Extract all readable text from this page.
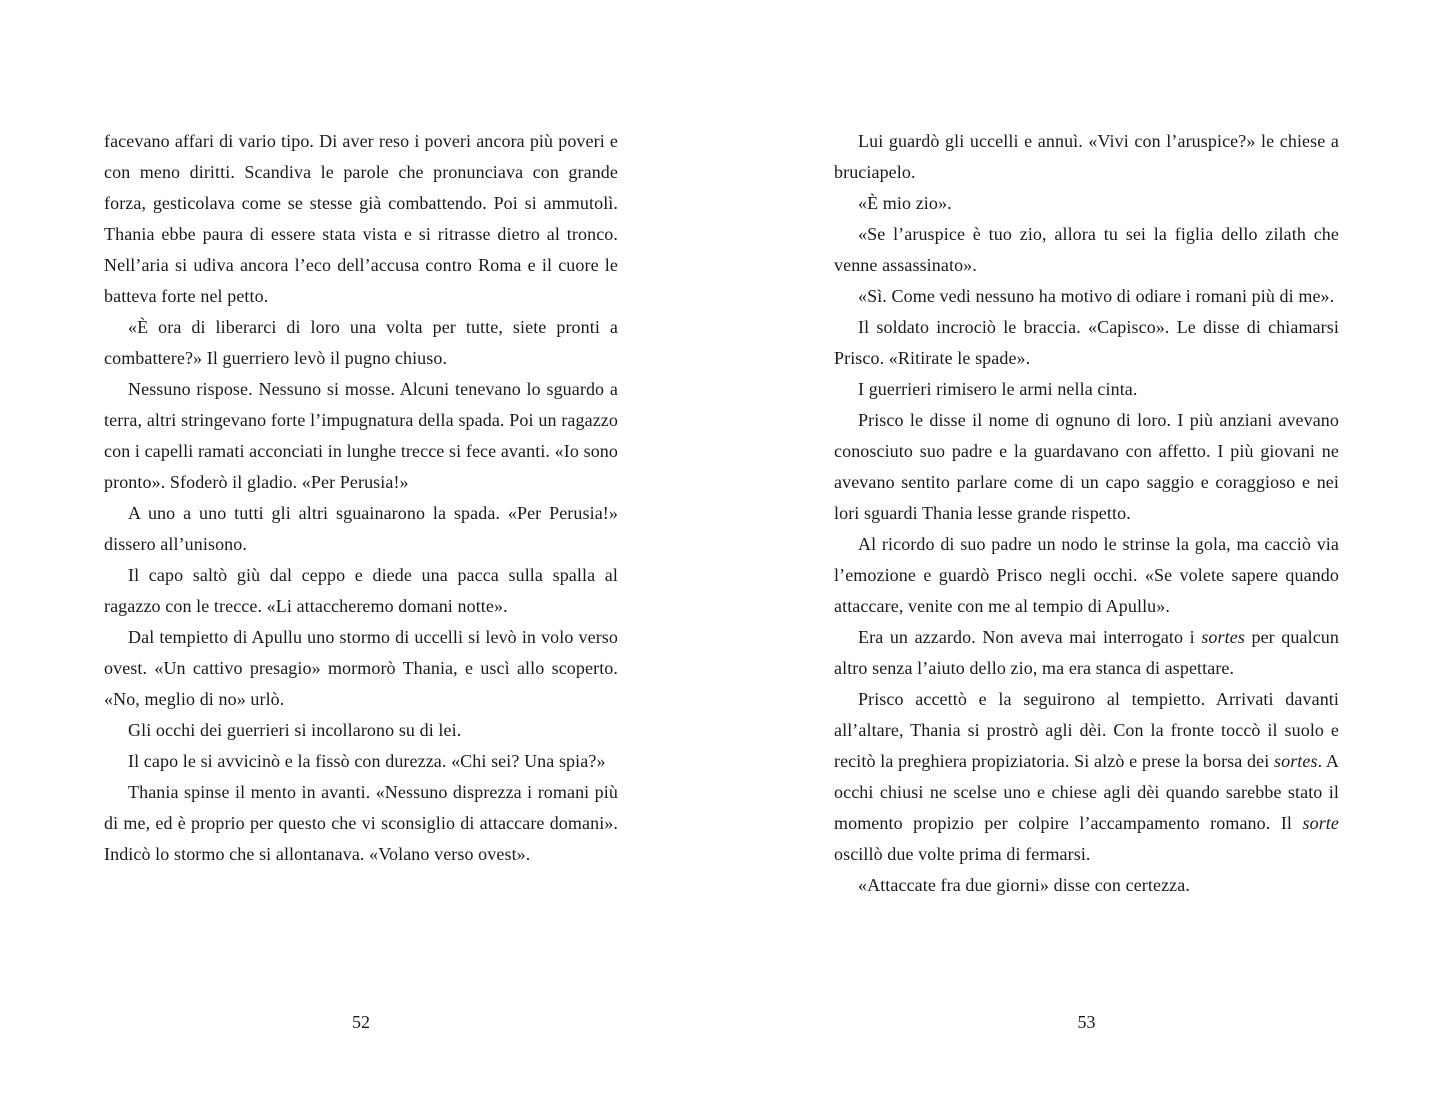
facevano affari di vario tipo. Di aver reso i poveri ancora più poveri e con meno diritti. Scandiva le parole che pronunciava con grande forza, gesticolava come se stesse già combattendo. Poi si ammutolì. Thania ebbe paura di essere stata vista e si ritrasse dietro al tronco. Nell’aria si udiva ancora l’eco dell’accusa contro Roma e il cuore le batteva forte nel petto.

«È ora di liberarci di loro una volta per tutte, siete pronti a combattere?» Il guerriero levò il pugno chiuso.

Nessuno rispose. Nessuno si mosse. Alcuni tenevano lo sguardo a terra, altri stringevano forte l’impugnatura della spada. Poi un ragazzo con i capelli ramati acconciati in lunghe trecce si fece avanti. «Io sono pronto». Sfoderò il gladio. «Per Perusia!»

A uno a uno tutti gli altri sguainarono la spada. «Per Perusia!» dissero all’unisono.

Il capo saltò giù dal ceppo e diede una pacca sulla spalla al ragazzo con le trecce. «Li attaccheremo domani notte».

Dal tempietto di Apullu uno stormo di uccelli si levò in volo verso ovest. «Un cattivo presagio» mormorò Thania, e uscì allo scoperto. «No, meglio di no» urlò.

Gli occhi dei guerrieri si incollarono su di lei.

Il capo le si avvicinò e la fissò con durezza. «Chi sei? Una spia?»

Thania spinse il mento in avanti. «Nessuno disprezza i romani più di me, ed è proprio per questo che vi sconsiglio di attaccare domani». Indicò lo stormo che si allontanava. «Volano verso ovest».

52

Lui guardò gli uccelli e annuì. «Vivi con l’aruspice?» le chiese a bruciapelo.

«È mio zio».

«Se l’aruspice è tuo zio, allora tu sei la figlia dello zilath che venne assassinato».

«Sì. Come vedi nessuno ha motivo di odiare i romani più di me».

Il soldato incrociò le braccia. «Capisco». Le disse di chiamarsi Prisco. «Ritirate le spade».

I guerrieri rimisero le armi nella cinta.

Prisco le disse il nome di ognuno di loro. I più anziani avevano conosciuto suo padre e la guardavano con affetto. I più giovani ne avevano sentito parlare come di un capo saggio e coraggioso e nei lori sguardi Thania lesse grande rispetto.

Al ricordo di suo padre un nodo le strinse la gola, ma cacciò via l’emozione e guardò Prisco negli occhi. «Se volete sapere quando attaccare, venite con me al tempio di Apullu».

Era un azzardo. Non aveva mai interrogato i sortes per qualcun altro senza l’aiuto dello zio, ma era stanca di aspettare.

Prisco accettò e la seguirono al tempietto. Arrivati davanti all’altare, Thania si prostrò agli dèi. Con la fronte toccò il suolo e recitò la preghiera propiziatoria. Si alzò e prese la borsa dei sortes. A occhi chiusi ne scelse uno e chiese agli dèi quando sarebbe stato il momento propizio per colpire l’accampamento romano. Il sorte oscillò due volte prima di fermarsi.

«Attaccate fra due giorni» disse con certezza.

53
